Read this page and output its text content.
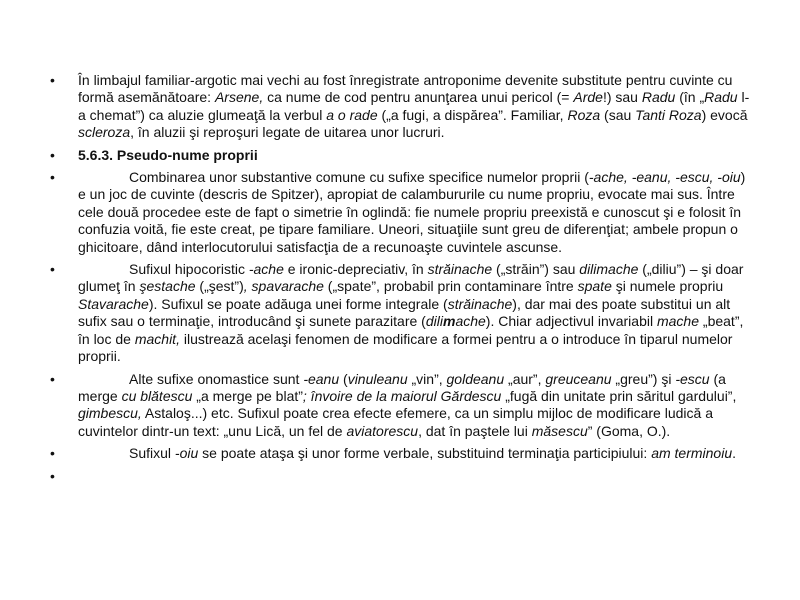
• În limbajul familiar-argotic mai vechi au fost înregistrate antroponime devenite substitute pentru cuvinte cu formă asemănătoare: Arsene, ca nume de cod pentru anunţarea unui pericol (= Arde!) sau Radu (în „Radu l-a chemat”) ca aluzie glumeaţă la verbul a o rade („a fugi, a dispărea”. Familiar, Roza (sau Tanti Roza) evocă scleroza, în aluzii şi reproşuri legate de uitarea unor lucruri.
• 5.6.3. Pseudo-nume proprii
•	Combinarea unor substantive comune cu sufixe specifice numelor proprii (-ache, -eanu, -escu, -oiu) e un joc de cuvinte (descris de Spitzer), apropiat de calambururile cu nume propriu, evocate mai sus. Între cele două procedee este de fapt o simetrie în oglindă: fie numele propriu preexistă e cunoscut şi e folosit în confuzia voită, fie este creat, pe tipare familiare. Uneori, situaţiile sunt greu de diferenţiat; ambele propun o ghicitoare, dând interlocutorului satisfacţia de a recunoaşte cuvintele ascunse.
•	Sufixul hipocoristic -ache e ironic-depreciativ, în străinache („străin”) sau dilimache („diliu”) – şi doar glumeţ în şestache („şest”), spavarache („spate”, probabil prin contaminare între spate şi numele propriu Stavarache). Sufixul se poate adăuga unei forme integrale (străinache), dar mai des poate substitui un alt sufix sau o terminaţie, introducând şi sunete parazitare (dilimache). Chiar adjectivul invariabil mache „beat”, în loc de machit, ilustrează acelaşi fenomen de modificare a formei pentru a o introduce în tiparul numelor proprii.
•	Alte sufixe onomastice sunt -eanu (vinuleanu „vin”, goldeanu „aur”, greuceanu „greu”) şi -escu (a merge cu blătescu „a merge pe blat”; învoire de la maiorul Gărdescu „fugă din unitate prin săritul gardului”, gimbescu, Astaloş...) etc. Sufixul poate crea efecte efemere, ca un simplu mijloc de modificare ludică a cuvintelor dintr-un text: „unu Lică, un fel de aviatorescu, dat în paştele lui măsescu” (Goma, O.).
•	Sufixul -oiu se poate ataşa şi unor forme verbale, substituind terminaţia participiului: am terminoiu.
•
